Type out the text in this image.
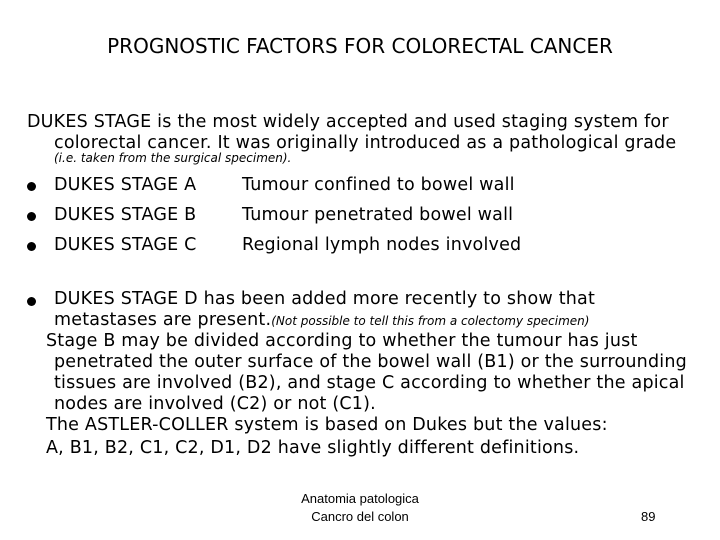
PROGNOSTIC FACTORS FOR COLORECTAL CANCER
DUKES STAGE is the most widely accepted and used staging system for
colorectal cancer. It was originally introduced as a pathological grade
(i.e. taken from the surgical specimen).
DUKES STAGE A	Tumour confined to bowel wall
DUKES STAGE B	Tumour penetrated bowel wall
DUKES STAGE C	Regional lymph nodes involved
DUKES STAGE D has been added more recently to show that
metastases are present.(Not possible to tell this from a colectomy specimen)
Stage B may be divided according to whether the tumour has just
penetrated the outer surface of the bowel wall (B1) or the surrounding
tissues are involved (B2), and stage C according to whether the apical
nodes are involved (C2) or not (C1).
The ASTLER-COLLER system is based on Dukes but the values:
A, B1, B2, C1, C2, D1, D2 have slightly different definitions.
Anatomia patologica
Cancro del colon	89
